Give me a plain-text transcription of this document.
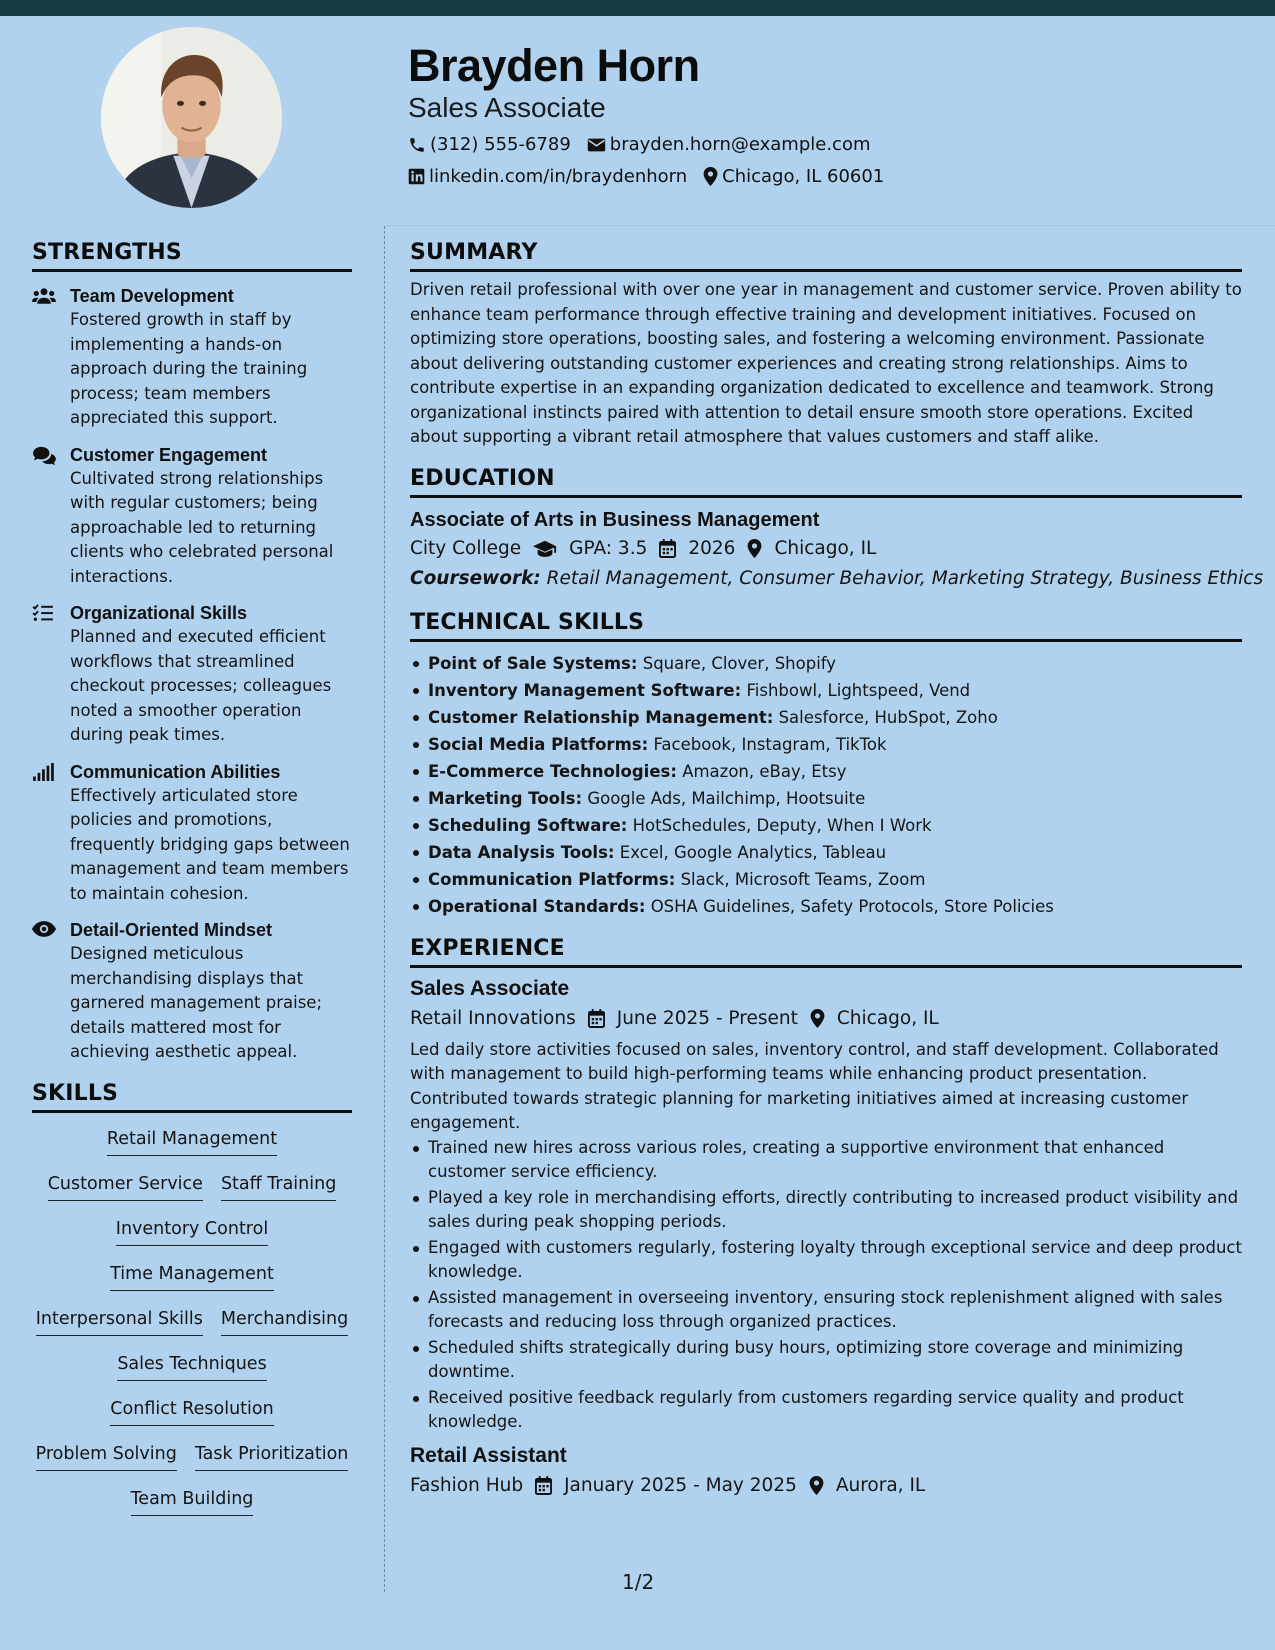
Brayden Horn
Sales Associate
(312) 555-6789 brayden.horn@example.com
linkedin.com/in/braydenhorn Chicago, IL 60601
STRENGTHS
Team Development
Fostered growth in staff by implementing a hands-on approach during the training process; team members appreciated this support.
Customer Engagement
Cultivated strong relationships with regular customers; being approachable led to returning clients who celebrated personal interactions.
Organizational Skills
Planned and executed efficient workflows that streamlined checkout processes; colleagues noted a smoother operation during peak times.
Communication Abilities
Effectively articulated store policies and promotions, frequently bridging gaps between management and team members to maintain cohesion.
Detail-Oriented Mindset
Designed meticulous merchandising displays that garnered management praise; details mattered most for achieving aesthetic appeal.
SKILLS
Retail Management
Customer Service Staff Training
Inventory Control
Time Management
Interpersonal Skills Merchandising
Sales Techniques
Conflict Resolution
Problem Solving Task Prioritization
Team Building
SUMMARY
Driven retail professional with over one year in management and customer service. Proven ability to enhance team performance through effective training and development initiatives. Focused on optimizing store operations, boosting sales, and fostering a welcoming environment. Passionate about delivering outstanding customer experiences and creating strong relationships. Aims to contribute expertise in an expanding organization dedicated to excellence and teamwork. Strong organizational instincts paired with attention to detail ensure smooth store operations. Excited about supporting a vibrant retail atmosphere that values customers and staff alike.
EDUCATION
Associate of Arts in Business Management
City College	GPA: 3.5 2026 Chicago, IL
Coursework: Retail Management, Consumer Behavior, Marketing Strategy, Business Ethics
TECHNICAL SKILLS
Point of Sale Systems: Square, Clover, Shopify
Inventory Management Software: Fishbowl, Lightspeed, Vend
Customer Relationship Management: Salesforce, HubSpot, Zoho
Social Media Platforms: Facebook, Instagram, TikTok
E-Commerce Technologies: Amazon, eBay, Etsy
Marketing Tools: Google Ads, Mailchimp, Hootsuite
Scheduling Software: HotSchedules, Deputy, When I Work
Data Analysis Tools: Excel, Google Analytics, Tableau
Communication Platforms: Slack, Microsoft Teams, Zoom
Operational Standards: OSHA Guidelines, Safety Protocols, Store Policies
EXPERIENCE
Sales Associate
Retail Innovations June 2025 - Present Chicago, IL
Led daily store activities focused on sales, inventory control, and staff development. Collaborated with management to build high-performing teams while enhancing product presentation. Contributed towards strategic planning for marketing initiatives aimed at increasing customer engagement.
Trained new hires across various roles, creating a supportive environment that enhanced customer service efficiency.
Played a key role in merchandising efforts, directly contributing to increased product visibility and sales during peak shopping periods.
Engaged with customers regularly, fostering loyalty through exceptional service and deep product knowledge.
Assisted management in overseeing inventory, ensuring stock replenishment aligned with sales forecasts and reducing loss through organized practices.
Scheduled shifts strategically during busy hours, optimizing store coverage and minimizing downtime.
Received positive feedback regularly from customers regarding service quality and product knowledge.
Retail Assistant
Fashion Hub January 2025 - May 2025 Aurora, IL
1/2
